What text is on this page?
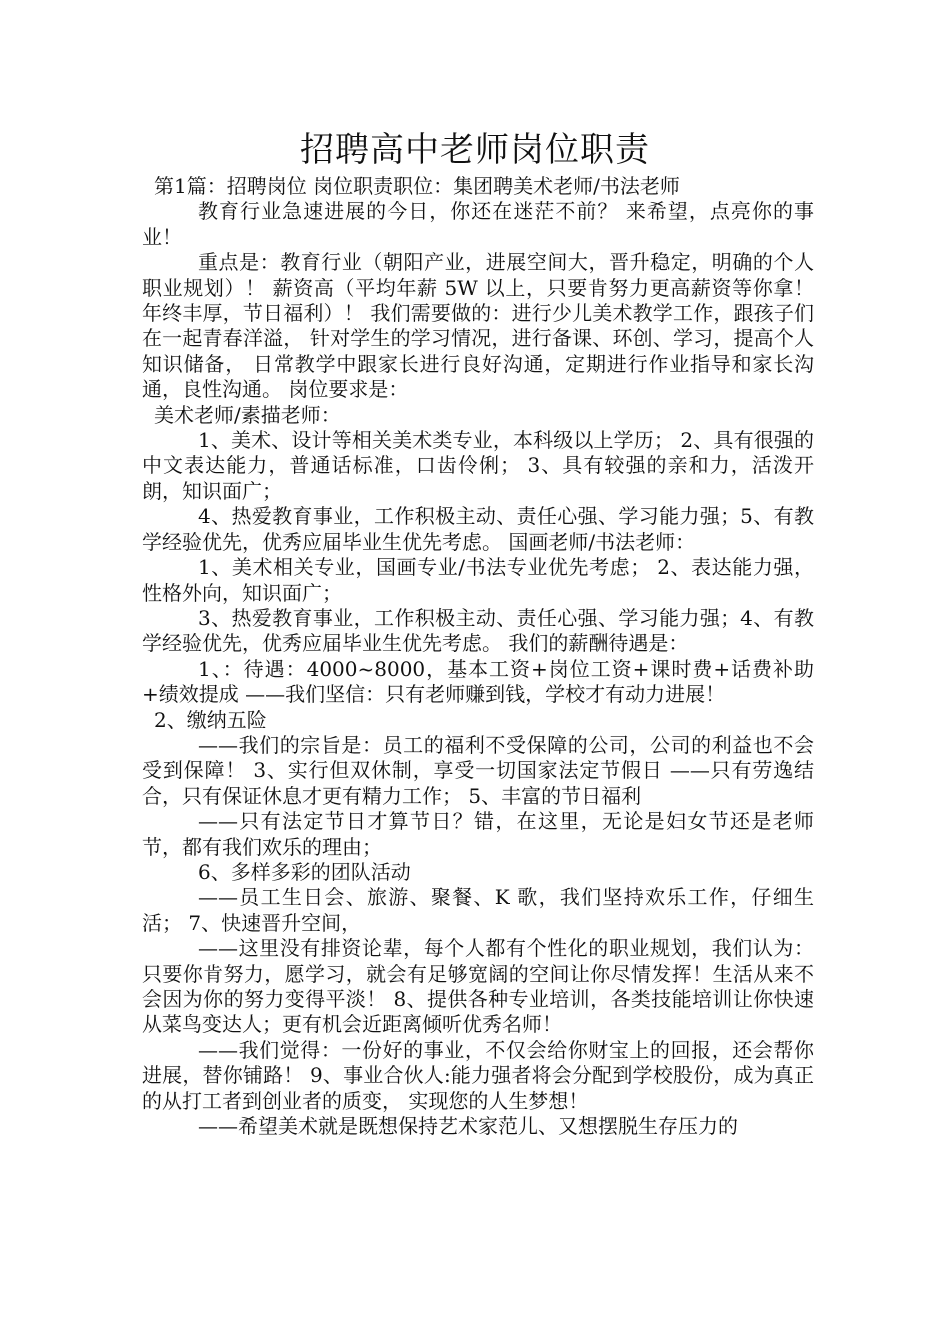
招聘高中老师岗位职责

第1篇：招聘岗位 岗位职责职位：集团聘美术老师/书法老师

教育行业急速进展的今日，你还在迷茫不前？ 来希望，点亮你的事业！

重点是：教育行业（朝阳产业，进展空间大，晋升稳定，明确的个人职业规划）！ 薪资高（平均年薪 5W 以上，只要肯努力更高薪资等你拿！年终丰厚，节日福利）！ 我们需要做的：进行少儿美术教学工作，跟孩子们在一起青春洋溢， 针对学生的学习情况，进行备课、环创、学习，提高个人知识储备， 日常教学中跟家长进行良好沟通，定期进行作业指导和家长沟通，良性沟通。 岗位要求是：

美术老师/素描老师：

1、美术、设计等相关美术类专业，本科级以上学历； 2、具有很强的中文表达能力，普通话标准，口齿伶俐； 3、具有较强的亲和力，活泼开朗，知识面广；

4、热爱教育事业，工作积极主动、责任心强、学习能力强；5、有教学经验优先，优秀应届毕业生优先考虑。 国画老师/书法老师：

1、美术相关专业，国画专业/书法专业优先考虑； 2、表达能力强，性格外向，知识面广；

3、热爱教育事业，工作积极主动、责任心强、学习能力强；4、有教学经验优先，优秀应届毕业生优先考虑。 我们的薪酬待遇是：

1、：待遇：4000~8000，基本工资+岗位工资+课时费+话费补助+绩效提成 ——我们坚信：只有老师赚到钱，学校才有动力进展！

2、缴纳五险

——我们的宗旨是：员工的福利不受保障的公司，公司的利益也不会受到保障！ 3、实行但双休制，享受一切国家法定节假日 ——只有劳逸结合，只有保证休息才更有精力工作； 5、丰富的节日福利

——只有法定节日才算节日？错，在这里，无论是妇女节还是老师节，都有我们欢乐的理由；

6、多样多彩的团队活动

——员工生日会、旅游、聚餐、K 歌，我们坚持欢乐工作，仔细生活； 7、快速晋升空间，

——这里没有排资论辈，每个人都有个性化的职业规划，我们认为：只要你肯努力，愿学习，就会有足够宽阔的空间让你尽情发挥！生活从来不会因为你的努力变得平淡！ 8、提供各种专业培训，各类技能培训让你快速从菜鸟变达人；更有机会近距离倾听优秀名师！

——我们觉得：一份好的事业，不仅会给你财宝上的回报，还会帮你进展，替你铺路！ 9、事业合伙人:能力强者将会分配到学校股份，成为真正的从打工者到创业者的质变， 实现您的人生梦想！

——希望美术就是既想保持艺术家范儿、又想摆脱生存压力的
